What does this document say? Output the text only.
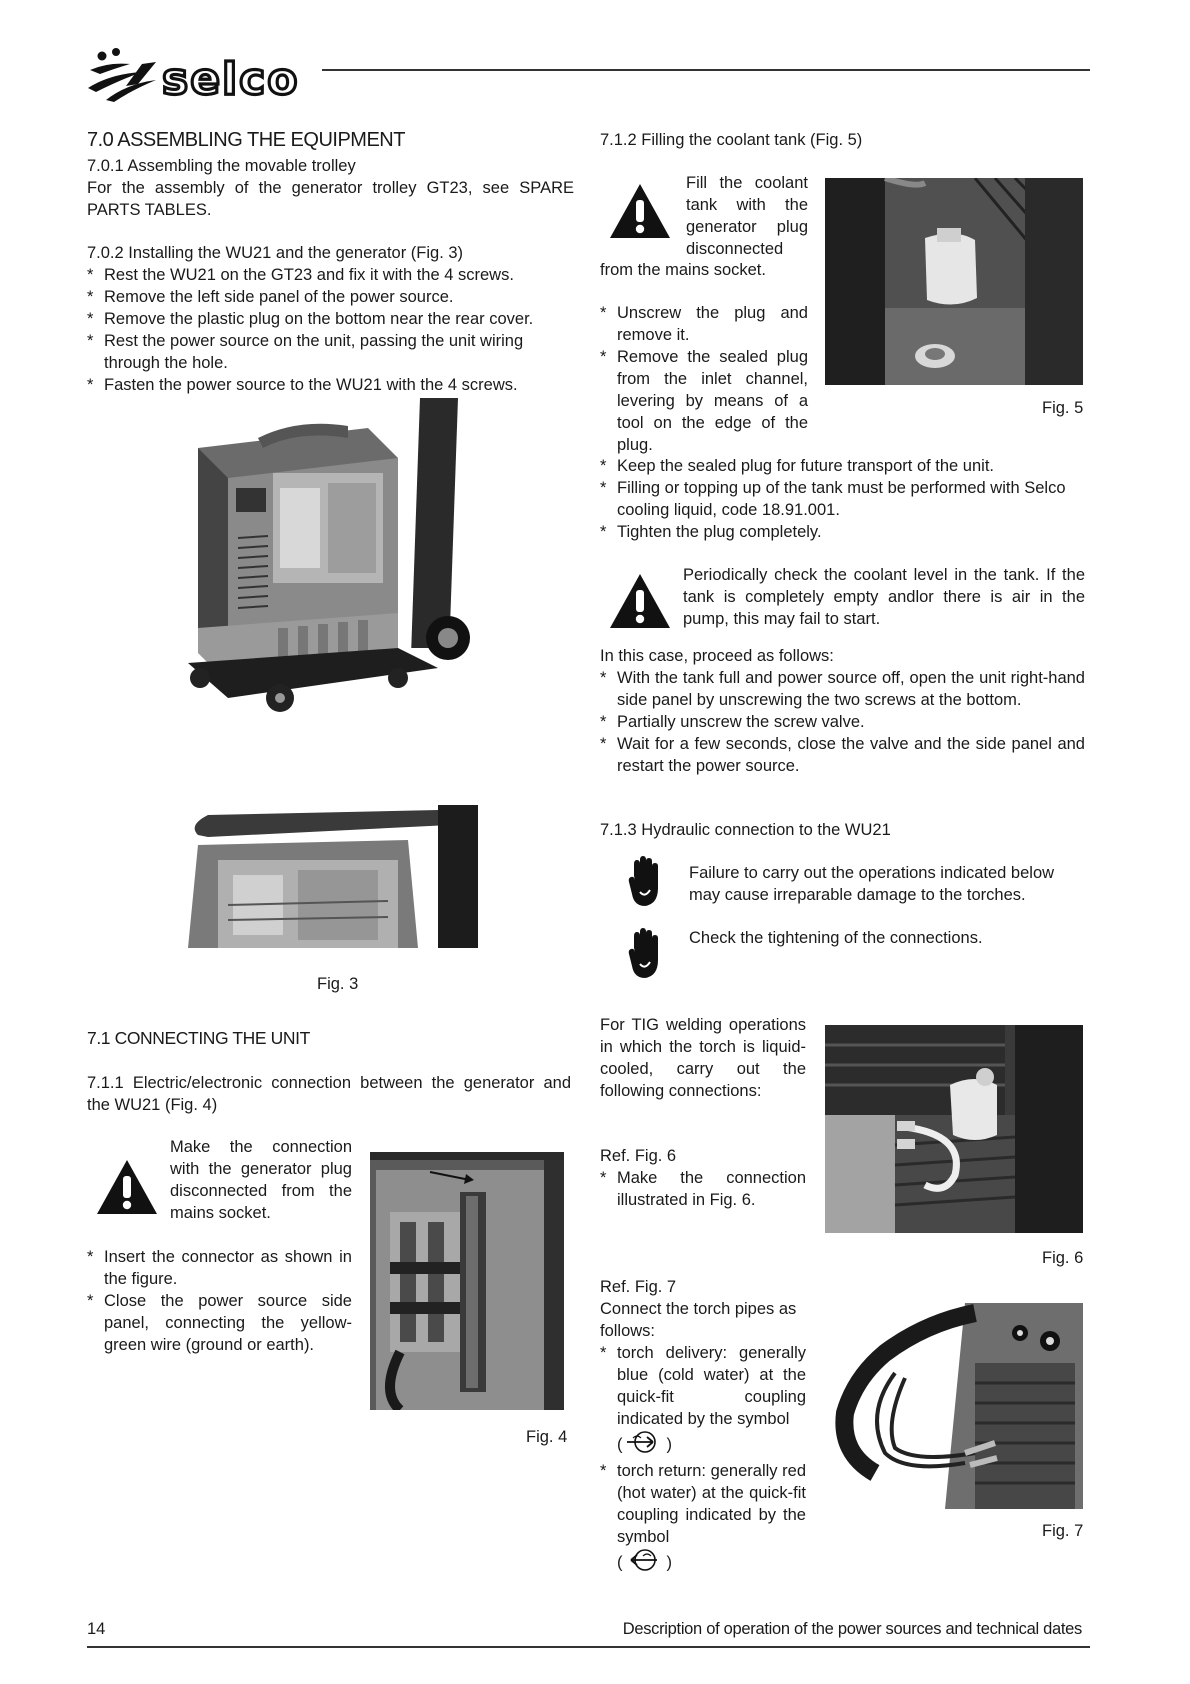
selco
7.0 ASSEMBLING THE EQUIPMENT
7.0.1 Assembling the movable trolley
For the assembly of the generator trolley GT23, see SPARE PARTS TABLES.
7.0.2 Installing the WU21 and the generator (Fig. 3)
* Rest the WU21 on the GT23 and fix it with the 4 screws.
* Remove the left side panel of the power source.
* Remove the plastic plug on the bottom near the rear cover.
* Rest the power source on the unit, passing the unit wiring through the hole.
* Fasten the power source to the WU21 with the 4 screws.
Fig. 3
7.1 CONNECTING THE UNIT
7.1.1 Electric/electronic connection between the generator and the WU21 (Fig. 4)
Make the connection with the generator plug disconnected from the mains socket.
* Insert the connector as shown in the figure.
* Close the power source side panel, connecting the yellow-green wire (ground or earth).
Fig. 4
7.1.2 Filling the coolant tank (Fig. 5)
Fill the coolant tank with the generator plug disconnected
from the mains socket.
* Unscrew the plug and remove it.
* Remove the sealed plug from the inlet channel, levering by means of a tool on the edge of the plug.
Fig. 5
* Keep the sealed plug for future transport of the unit.
* Filling or topping up of the tank must be performed with Selco cooling liquid, code 18.91.001.
* Tighten the plug completely.
Periodically check the coolant level in the tank. If the tank is completely empty andlor there is air in the pump, this may fail to start.
In this case, proceed as follows:
* With the tank full and power source off, open the unit right-hand side panel by unscrewing the two screws at the bottom.
* Partially unscrew the screw valve.
* Wait for a few seconds, close the valve and the side panel and restart the power source.
7.1.3 Hydraulic connection to the WU21
Failure to carry out the operations indicated below may cause irreparable damage to the torches.
Check the tightening of the connections.
For TIG welding operations in which the torch is liquid-cooled, carry out the following connections:
Ref. Fig. 6
* Make the connection illustrated in Fig. 6.
Fig. 6
Ref. Fig. 7
Connect the torch pipes as follows:
* torch delivery: generally blue (cold water) at the quick-fit coupling indicated by the symbol
(	)
* torch return: generally red (hot water) at the quick-fit coupling indicated by the symbol
(	)
Fig. 7
14	Description of operation of the power sources and technical dates
